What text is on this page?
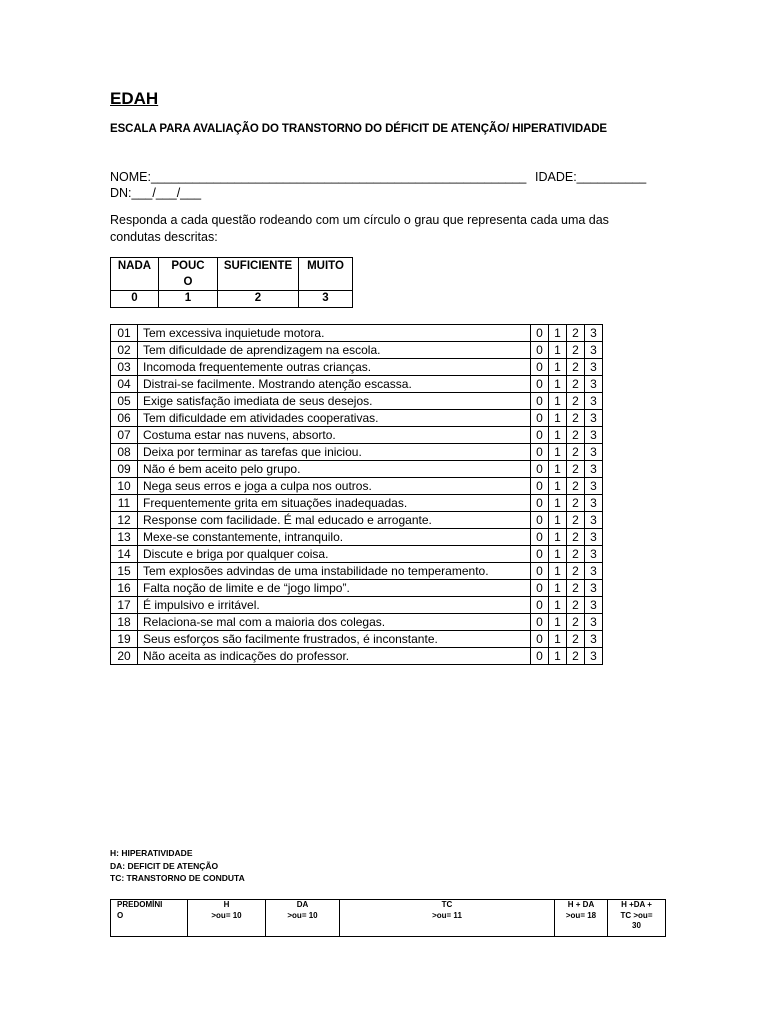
EDAH
ESCALA PARA AVALIAÇÃO DO TRANSTORNO DO DÉFICIT DE ATENÇÃO/ HIPERATIVIDADE
NOME:______________________________________________________ IDADE:__________
DN:___/___/___
Responda a cada questão rodeando com um círculo o grau que representa cada uma das condutas descritas:
NADA	POUC O	SUFICIENTE	MUITO
0	1	2	3
01	Tem excessiva inquietude motora.	0	1	2	3
02	Tem dificuldade de aprendizagem na escola.	0	1	2	3
03	Incomoda frequentemente outras crianças.	0	1	2	3
04	Distrai-se facilmente. Mostrando atenção escassa.	0	1	2	3
05	Exige satisfação imediata de seus desejos.	0	1	2	3
06	Tem dificuldade em atividades cooperativas.	0	1	2	3
07	Costuma estar nas nuvens, absorto.	0	1	2	3
08	Deixa por terminar as tarefas que iniciou.	0	1	2	3
09	Não é bem aceito pelo grupo.	0	1	2	3
10	Nega seus erros e joga a culpa nos outros.	0	1	2	3
11	Frequentemente grita em situações inadequadas.	0	1	2	3
12	Response com facilidade. É mal educado e arrogante.	0	1	2	3
13	Mexe-se constantemente, intranquilo.	0	1	2	3
14	Discute e briga por qualquer coisa.	0	1	2	3
15	Tem explosões advindas de uma instabilidade no temperamento.	0	1	2	3
16	Falta noção de limite e de “jogo limpo”.	0	1	2	3
17	É impulsivo e irritável.	0	1	2	3
18	Relaciona-se mal com a maioria dos colegas.	0	1	2	3
19	Seus esforços são facilmente frustrados, é inconstante.	0	1	2	3
20	Não aceita as indicações do professor.	0	1	2	3
H: HIPERATIVIDADE
DA: DEFICIT DE ATENÇÃO
TC: TRANSTORNO DE CONDUTA
PREDOMÍNI
O

H
>ou= 10

DA
>ou= 10

TC
>ou= 11

H + DA
>ou= 18

H +DA +
TC >ou= 30
